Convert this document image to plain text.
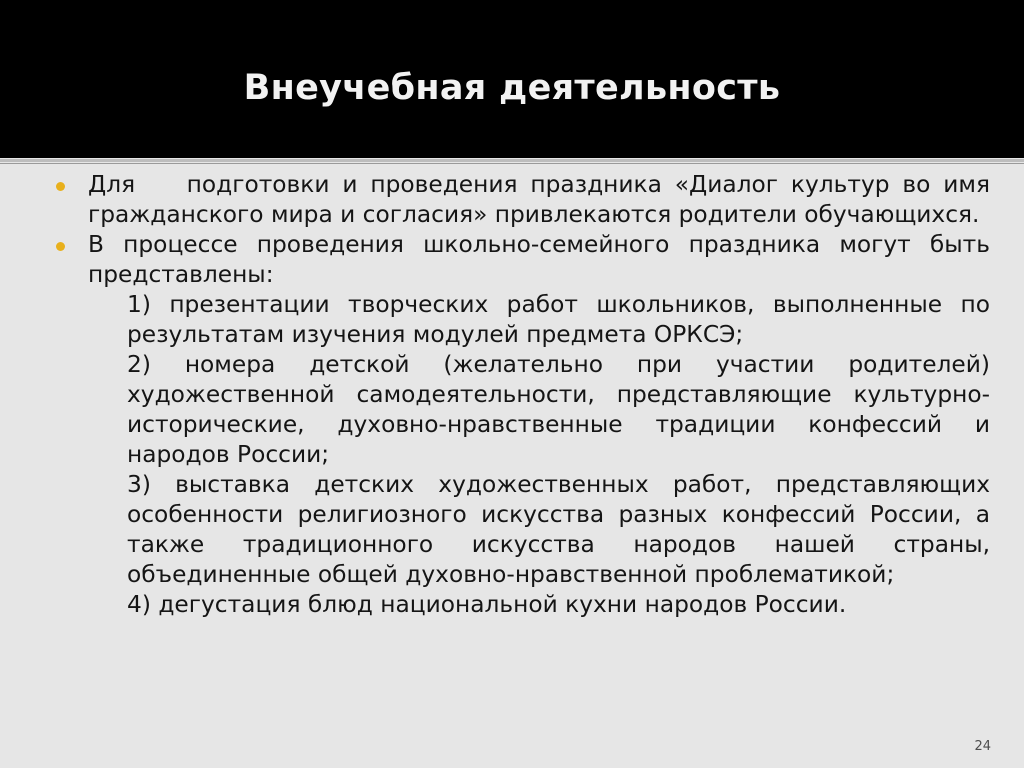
Внеучебная деятельность

Для    подготовки и проведения праздника «Диалог культур во имя гражданского мира и согласия» привлекаются родители обучающихся.

В процессе проведения школьно-семейного праздника могут быть представлены:

1) презентации творческих работ школьников, выполненные по результатам изучения модулей предмета ОРКСЭ;

2) номера детской (желательно при участии родителей) художественной самодеятельности, представляющие культурно-исторические, духовно-нравственные традиции конфессий и народов России;

3) выставка детских художественных работ, представляющих особенности религиозного искусства разных конфессий России, а также традиционного искусства народов нашей страны, объединенные общей духовно-нравственной проблематикой;

4) дегустация блюд национальной кухни народов России.

24
